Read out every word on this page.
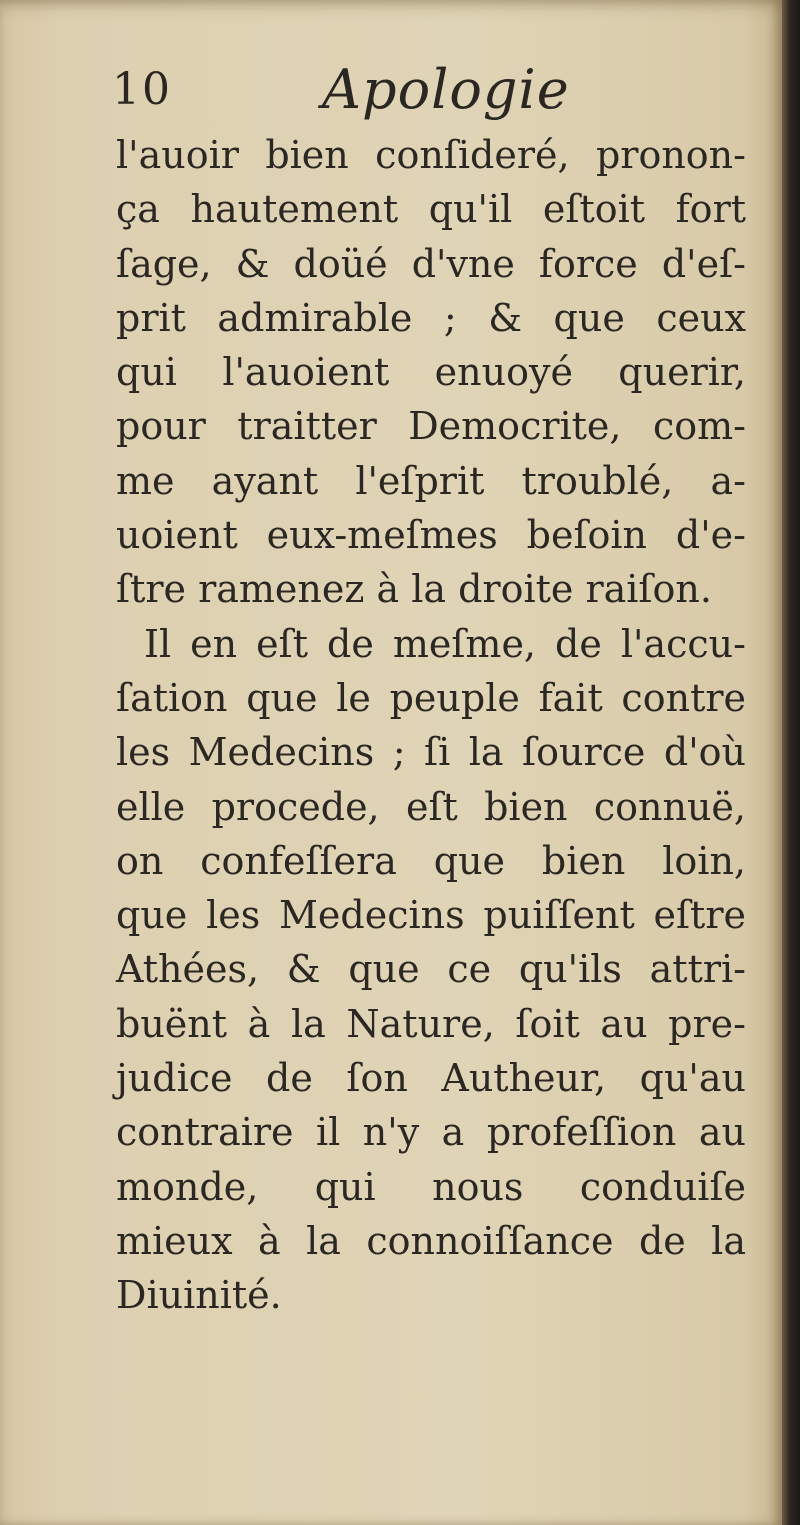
10	Apologie
l'auoir bien conſideré, pronon-
ça hautement qu'il eſtoit fort
ſage, & doüé d'vne force d'eſ-
prit admirable ; & que ceux
qui l'auoient enuoyé querir,
pour traitter Democrite, com-
me ayant l'eſprit troublé, a-
uoient eux-meſmes beſoin d'e-
ſtre ramenez à la droite raiſon.
Il en eſt de meſme, de l'accu-
ſation que le peuple fait contre
les Medecins ; ſi la ſource d'où
elle procede, eſt bien connuë,
on confeſſera que bien loin,
que les Medecins puiſſent eſtre
Athées, & que ce qu'ils attri-
buënt à la Nature, ſoit au pre-
judice de ſon Autheur, qu'au
contraire il n'y a profeſſion au
monde, qui nous conduiſe
mieux à la connoiſſance de la
Diuinité.
